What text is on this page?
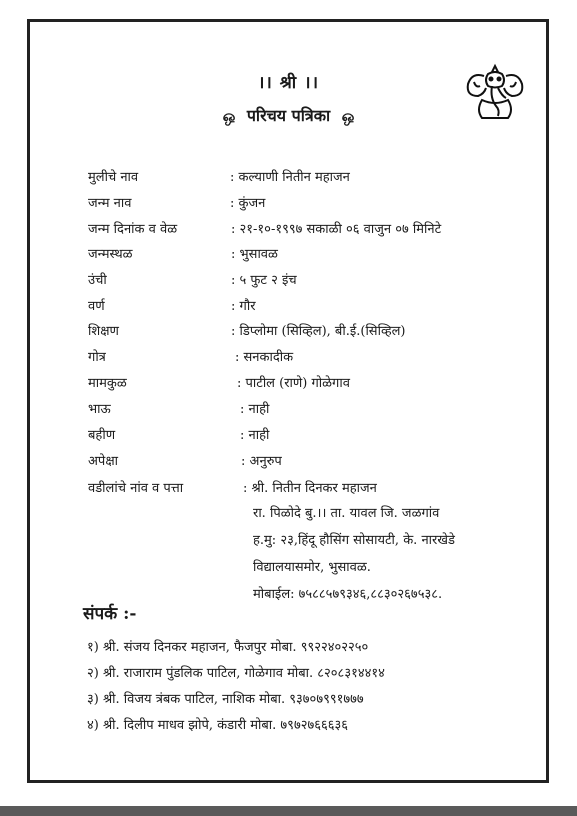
।। श्री ।।
ஒ परिचय पत्रिका ஒ
मुलीचे नाव	: कल्याणी नितीन महाजन
जन्म नाव	: कुंजन
जन्म दिनांक व वेळ	: २१-१०-१९९७ सकाळी ०६ वाजुन ०७ मिनिटे
जन्मस्थळ	: भुसावळ
उंची	: ५ फुट २ इंच
वर्ण	: गौर
शिक्षण	: डिप्लोमा (सिव्हिल), बी.ई.(सिव्हिल)
गोत्र	: सनकादीक
मामकुळ	: पाटील (राणे) गोळेगाव
भाऊ	: नाही
बहीण	: नाही
अपेक्षा	: अनुरुप
वडीलांचे नांव व पत्ता	: श्री. नितीन दिनकर महाजन
रा. पिळोदे बु.।। ता. यावल जि. जळगांव
ह.मु: २३,हिंदू हौसिंग सोसायटी, के. नारखेडे
विद्यालयासमोर, भुसावळ.
मोबाईल: ७५८८५७९३४६,८८३०२६७५३८.
संपर्क :-
१) श्री. संजय दिनकर महाजन, फैजपुर मोबा. ९९२२४०२२५०
२) श्री. राजाराम पुंडलिक पाटिल, गोळेगाव मोबा. ८२०८३१४४१४
३) श्री. विजय त्रंबक पाटिल, नाशिक मोबा. ९३७०७९९१७७७
४) श्री. दिलीप माधव झोपे, कंडारी मोबा. ७९७२७६६६३६
